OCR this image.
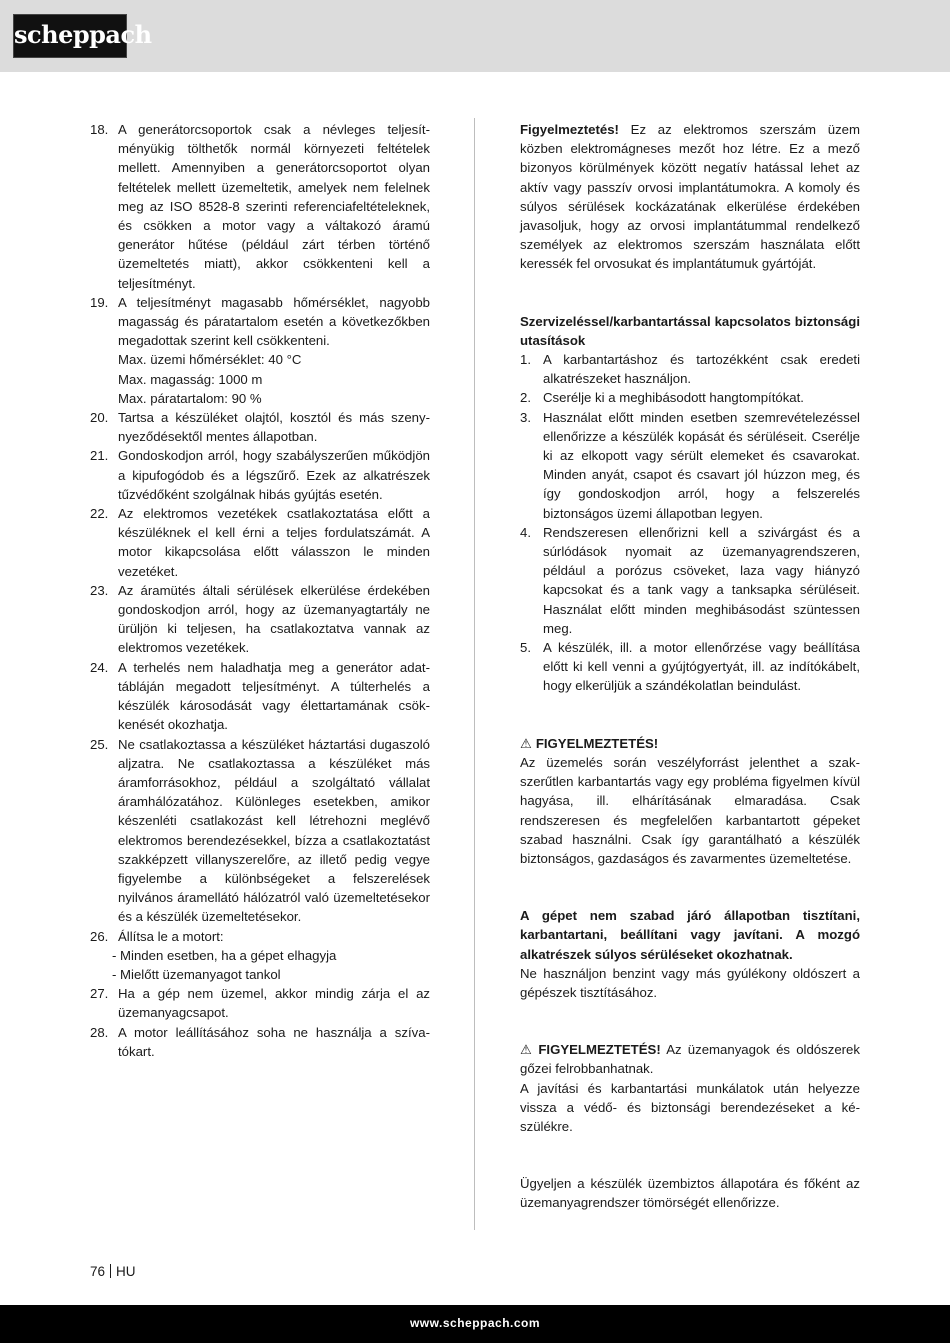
scheppach
18. A generátorcsoportok csak a névleges teljesítményükig tölthetők normál környezeti feltételek mellett. Amennyiben a generátorcsoportot olyan feltételek mellett üzemeltetik, amelyek nem felelnek meg az ISO 8528-8 szerinti referenciafeltételeknek, és csökken a motor vagy a váltakozó áramú generátor hűtése (például zárt térben történő üzemeltetés miatt), akkor csökkenteni kell a teljesítményt.
19. A teljesítményt magasabb hőmérséklet, nagyobb magasság és páratartalom esetén a következőkben megadottak szerint kell csökkenteni.
Max. üzemi hőmérséklet: 40 °C
Max. magasság: 1000 m
Max. páratartalom: 90 %
20. Tartsa a készüléket olajtól, kosztól és más szenynyeződésektől mentes állapotban.
21. Gondoskodjon arról, hogy szabályszerűen működjön a kipufogódob és a légszűrő. Ezek az alkatrészek tűzvédőként szolgálnak hibás gyújtás esetén.
22. Az elektromos vezetékek csatlakoztatása előtt a készüléknek el kell érni a teljes fordulatszámát. A motor kikapcsolása előtt válasszon le minden vezetéket.
23. Az áramütés általi sérülések elkerülése érdekében gondoskodjon arról, hogy az üzemanyagtartály ne ürüljön ki teljesen, ha csatlakoztatva vannak az elektromos vezetékek.
24. A terhelés nem haladhatja meg a generátor adattábláján megadott teljesítményt. A túlterhelés a készülék károsodását vagy élettartamának csökkenését okozhatja.
25. Ne csatlakoztassa a készüléket háztartási dugaszoló aljzatra. Ne csatlakoztassa a készüléket más áramforrásokhoz, például a szolgáltató vállalat áramhálózatához. Különleges esetekben, amikor készenléti csatlakozást kell létrehozni meglévő elektromos berendezésekkel, bízza a csatlakoztatást szakképzett villanyszerelőre, az illető pedig vegye figyelembe a különbségeket a felszerelések nyilvános áramellátó hálózatról való üzemeltetésekor és a készülék üzemeltetésekor.
26. Állítsa le a motort:
- Minden esetben, ha a gépet elhagyja
- Mielőtt üzemanyagot tankol
27. Ha a gép nem üzemel, akkor mindig zárja el az üzemanyagcsapot.
28. A motor leállításához soha ne használja a szívatókart.

Figyelmeztetés! Ez az elektromos szerszám üzem közben elektromágneses mezőt hoz létre. Ez a mező bizonyos körülmények között negatív hatással lehet az aktív vagy passzív orvosi implantátumokra. A komoly és súlyos sérülések kockázatának elkerülése érdekében javasoljuk, hogy az orvosi implantátummal rendelkező személyek az elektromos szerszám használata előtt keressék fel orvosukat és implantátumuk gyártóját.

Szervizeléssel/karbantartással kapcsolatos biztonsági utasítások

1. A karbantartáshoz és tartozékként csak eredeti alkatrészeket használjon.
2. Cserélje ki a meghibásodott hangtompítókat.
3. Használat előtt minden esetben szemrevételezéssel ellenőrizze a készülék kopását és sérüléseit. Cserélje ki az elkopott vagy sérült elemeket és csavarokat. Minden anyát, csapot és csavart jól húzzon meg, és így gondoskodjon arról, hogy a felszerelés biztonságos üzemi állapotban legyen.
4. Rendszeresen ellenőrizni kell a szivárgást és a súrlódások nyomait az üzemanyagrendszeren, például a porózus csöveket, laza vagy hiányzó kapcsokat és a tank vagy a tanksapka sérüléseit. Használat előtt minden meghibásodást szüntessen meg.
5. A készülék, ill. a motor ellenőrzése vagy beállítása előtt ki kell venni a gyújtógyertyát, ill. az indítókábelt, hogy elkerüljük a szándékolatlan beindulást.

⚠ FIGYELMEZTETÉS!

Az üzemelés során veszélyforrást jelenthet a szakszerűtlen karbantartás vagy egy probléma figyelmen kívül hagyása, ill. elhárításának elmaradása. Csak rendszeresen és megfelelően karbantartott gépeket szabad használni. Csak így garantálható a készülék biztonságos, gazdaságos és zavarmentes üzemeltetése.

A gépet nem szabad járó állapotban tisztítani, karbantartani, beállítani vagy javítani. A mozgó alkatrészek súlyos sérüléseket okozhatnak.

Ne használjon benzint vagy más gyúlékony oldószert a gépészek tisztításához.

⚠ FIGYELMEZTETÉS! Az üzemanyagok és oldószerek gőzei felrobbanhatnak.

A javítási és karbantartási munkálatok után helyezze vissza a védő- és biztonsági berendezéseket a készülékre.

Ügyeljen a készülék üzembiztos állapotára és főként az üzemanyagrendszer tömörségét ellenőrizze.

76 HU
www.scheppach.com
